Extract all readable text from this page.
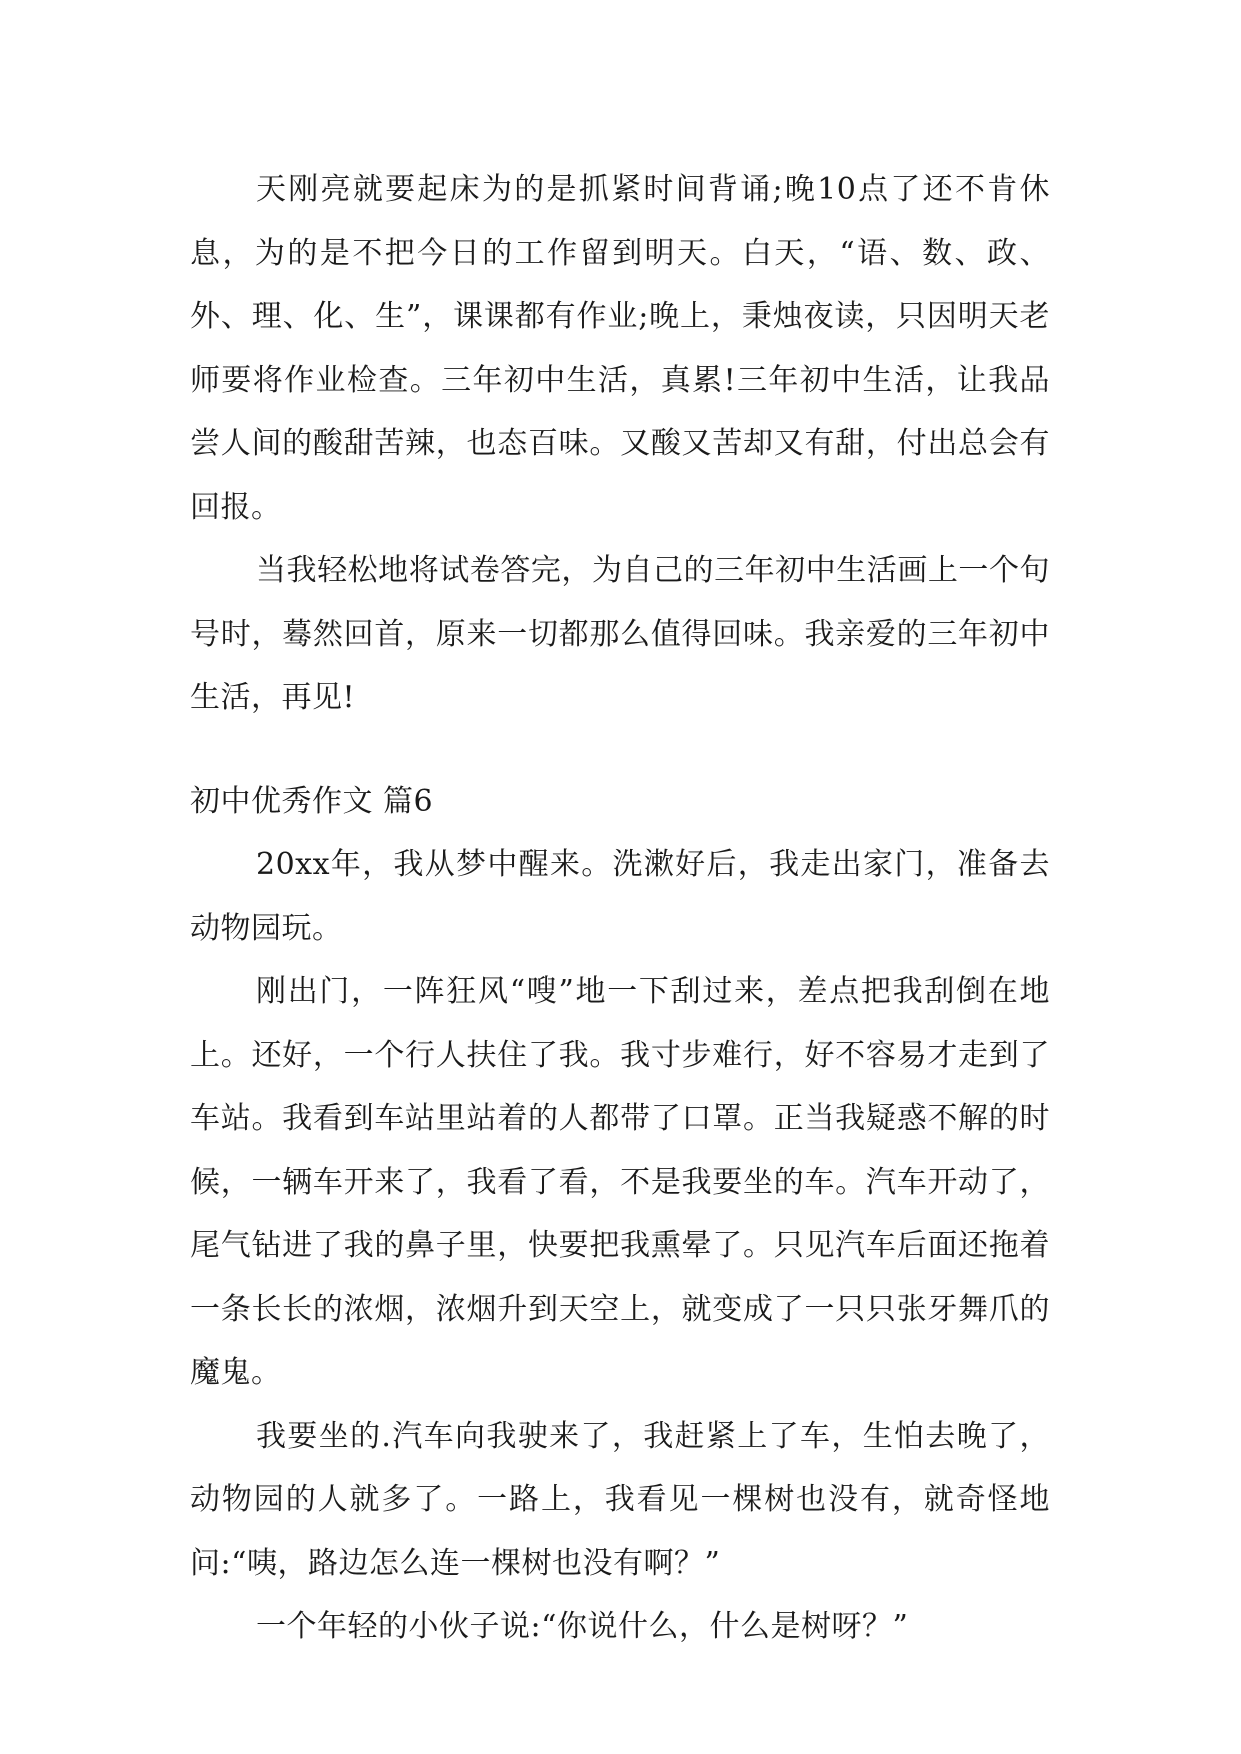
天刚亮就要起床为的是抓紧时间背诵;晚10点了还不肯休息，为的是不把今日的工作留到明天。白天，“语、数、政、外、理、化、生”，课课都有作业;晚上，秉烛夜读，只因明天老师要将作业检查。三年初中生活，真累!三年初中生活，让我品尝人间的酸甜苦辣，也态百味。又酸又苦却又有甜，付出总会有回报。

当我轻松地将试卷答完，为自己的三年初中生活画上一个句号时，蓦然回首，原来一切都那么值得回味。我亲爱的三年初中生活，再见!

初中优秀作文 篇6

20xx年，我从梦中醒来。洗漱好后，我走出家门，准备去动物园玩。

刚出门，一阵狂风“嗖”地一下刮过来，差点把我刮倒在地上。还好，一个行人扶住了我。我寸步难行，好不容易才走到了车站。我看到车站里站着的人都带了口罩。正当我疑惑不解的时候，一辆车开来了，我看了看，不是我要坐的车。汽车开动了，尾气钻进了我的鼻子里，快要把我熏晕了。只见汽车后面还拖着一条长长的浓烟，浓烟升到天空上，就变成了一只只张牙舞爪的魔鬼。

我要坐的.汽车向我驶来了，我赶紧上了车，生怕去晚了，动物园的人就多了。一路上，我看见一棵树也没有，就奇怪地问:“咦，路边怎么连一棵树也没有啊？”

一个年轻的小伙子说:“你说什么，什么是树呀？”
